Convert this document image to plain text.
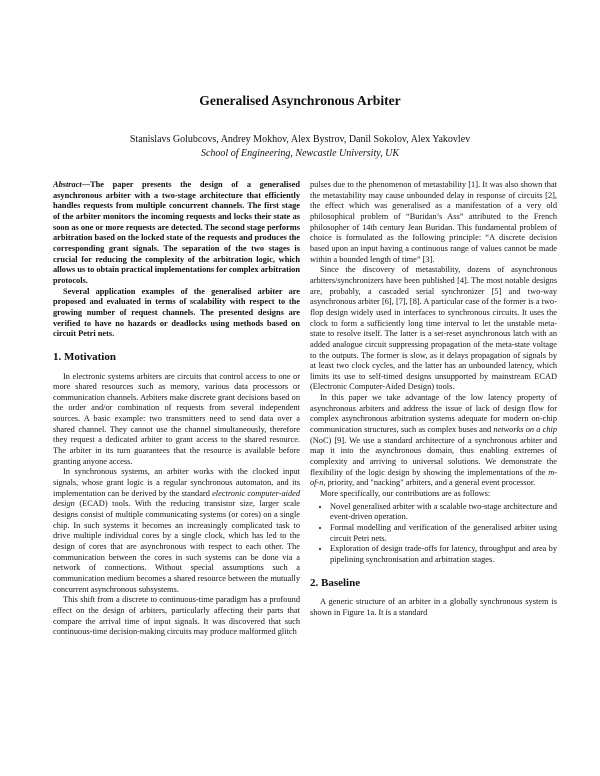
Generalised Asynchronous Arbiter
Stanislavs Golubcovs, Andrey Mokhov, Alex Bystrov, Danil Sokolov, Alex Yakovlev
School of Engineering, Newcastle University, UK

Abstract—The paper presents the design of a generalised asynchronous arbiter with a two-stage architecture that efficiently handles requests from multiple concurrent channels. The first stage of the arbiter monitors the incoming requests and locks their state as soon as one or more requests are detected. The second stage performs arbitration based on the locked state of the requests and produces the corresponding grant signals. The separation of the two stages is crucial for reducing the complexity of the arbitration logic, which allows us to obtain practical implementations for complex arbitration protocols.

Several application examples of the generalised arbiter are proposed and evaluated in terms of scalability with respect to the growing number of request channels. The presented designs are verified to have no hazards or deadlocks using methods based on circuit Petri nets.

1. Motivation

In electronic systems arbiters are circuits that control access to one or more shared resources such as memory, various data processors or communication channels. Arbiters make discrete grant decisions based on the order and/or combination of requests from several independent sources. A basic example: two transmitters need to send data over a shared channel. They cannot use the channel simultaneously, therefore they request a dedicated arbiter to grant access to the shared resource. The arbiter in its turn guarantees that the resource is available before granting anyone access.

In synchronous systems, an arbiter works with the clocked input signals, whose grant logic is a regular synchronous automaton, and its implementation can be derived by the standard electronic computer-aided design (ECAD) tools. With the reducing transistor size, larger scale designs consist of multiple communicating systems (or cores) on a single chip. In such systems it becomes an increasingly complicated task to drive multiple individual cores by a single clock, which has led to the design of cores that are asynchronous with respect to each other. The communication between the cores in such systems can be done via a network of connections. Without special assumptions such a communication medium becomes a shared resource between the mutually concurrent asynchronous subsystems.

This shift from a discrete to continuous-time paradigm has a profound effect on the design of arbiters, particularly affecting their parts that compare the arrival time of input signals. It was discovered that such continuous-time decision-making circuits may produce malformed glitch

pulses due to the phenomenon of metastability [1]. It was also shown that the metastability may cause unbounded delay in response of circuits [2], the effect which was generalised as a manifestation of a very old philosophical problem of “Buridan’s Ass” attributed to the French philosopher of 14th century Jean Buridan. This fundamental problem of choice is formulated as the following principle: “A discrete decision based upon an input having a continuous range of values cannot be made within a bounded length of time” [3].

Since the discovery of metastability, dozens of asynchronous arbiters/synchronizers have been published [4]. The most notable designs are, probably, a cascaded serial synchronizer [5] and two-way asynchronous arbiter [6], [7], [8]. A particular case of the former is a two-flop design widely used in interfaces to synchronous circuits. It uses the clock to form a sufficiently long time interval to let the unstable meta-state to resolve itself. The latter is a set-reset asynchronous latch with an added analogue circuit suppressing propagation of the meta-state voltage to the outputs. The former is slow, as it delays propagation of signals by at least two clock cycles, and the latter has an unbounded latency, which limits its use to self-timed designs unsupported by mainstream ECAD (Electronic Computer-Aided Design) tools.

In this paper we take advantage of the low latency property of asynchronous arbiters and address the issue of lack of design flow for complex asynchronous arbitration systems adequate for modern on-chip communication structures, such as complex buses and networks on a chip (NoC) [9]. We use a standard architecture of a synchronous arbiter and map it into the asynchronous domain, thus enabling extremes of complexity and arriving to universal solutions. We demonstrate the flexibility of the logic design by showing the implementations of the m-of-n, priority, and "nacking" arbiters, and a general event processor.

More specifically, our contributions are as follows:

• Novel generalised arbiter with a scalable two-stage architecture and event-driven operation.
• Formal modelling and verification of the generalised arbiter using circuit Petri nets.
• Exploration of design trade-offs for latency, throughput and area by pipelining synchronisation and arbitration stages.
2. Baseline

A generic structure of an arbiter in a globally synchronous system is shown in Figure 1a. It is a standard
